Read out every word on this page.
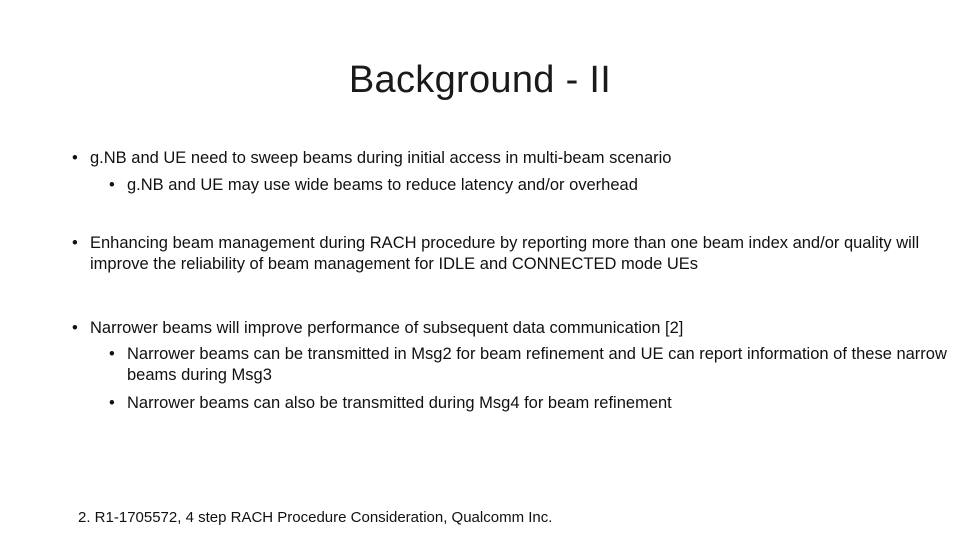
Background - II
• g.NB and UE need to sweep beams during initial access in multi-beam scenario
• g.NB and UE may use wide beams to reduce latency and/or overhead
• Enhancing beam management during RACH procedure by reporting more than one beam index and/or quality will improve the reliability of beam management for IDLE and CONNECTED mode UEs
• Narrower beams will improve performance of subsequent data communication [2]
• Narrower beams can be transmitted in Msg2 for beam refinement and UE can report information of these narrow beams during Msg3
• Narrower beams can also be transmitted during Msg4 for beam refinement
2. R1-1705572, 4 step RACH Procedure Consideration, Qualcomm Inc.
